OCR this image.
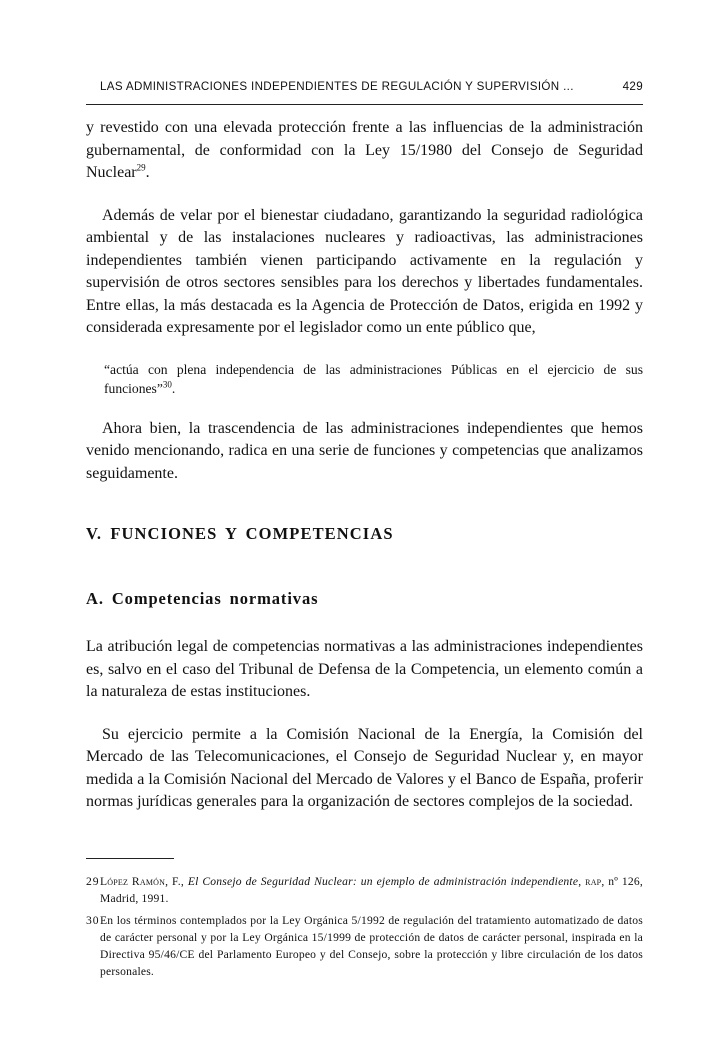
LAS ADMINISTRACIONES INDEPENDIENTES DE REGULACIÓN Y SUPERVISIÓN ...	429

y revestido con una elevada protección frente a las influencias de la administración gubernamental, de conformidad con la Ley 15/1980 del Consejo de Seguridad Nuclear$^{29}$.

Además de velar por el bienestar ciudadano, garantizando la seguridad radiológica ambiental y de las instalaciones nucleares y radioactivas, las administraciones independientes también vienen participando activamente en la regulación y supervisión de otros sectores sensibles para los derechos y libertades fundamentales. Entre ellas, la más destacada es la Agencia de Protección de Datos, erigida en 1992 y considerada expresamente por el legislador como un ente público que,

“actúa con plena independencia de las administraciones Públicas en el ejercicio de sus funciones”$^{30}$.

Ahora bien, la trascendencia de las administraciones independientes que hemos venido mencionando, radica en una serie de funciones y competencias que analizamos seguidamente.

V. FUNCIONES Y COMPETENCIAS
A. Competencias normativas

La atribución legal de competencias normativas a las administraciones independientes es, salvo en el caso del Tribunal de Defensa de la Competencia, un elemento común a la naturaleza de estas instituciones.

Su ejercicio permite a la Comisión Nacional de la Energía, la Comisión del Mercado de las Telecomunicaciones, el Consejo de Seguridad Nuclear y, en mayor medida a la Comisión Nacional del Mercado de Valores y el Banco de España, proferir normas jurídicas generales para la organización de sectores complejos de la sociedad.

29 López Ramón, F., El Consejo de Seguridad Nuclear: un ejemplo de administración independiente, rap, nº 126, Madrid, 1991.
30 En los términos contemplados por la Ley Orgánica 5/1992 de regulación del tratamiento automatizado de datos de carácter personal y por la Ley Orgánica 15/1999 de protección de datos de carácter personal, inspirada en la Directiva 95/46/CE del Parlamento Europeo y del Consejo, sobre la protección y libre circulación de los datos personales.
